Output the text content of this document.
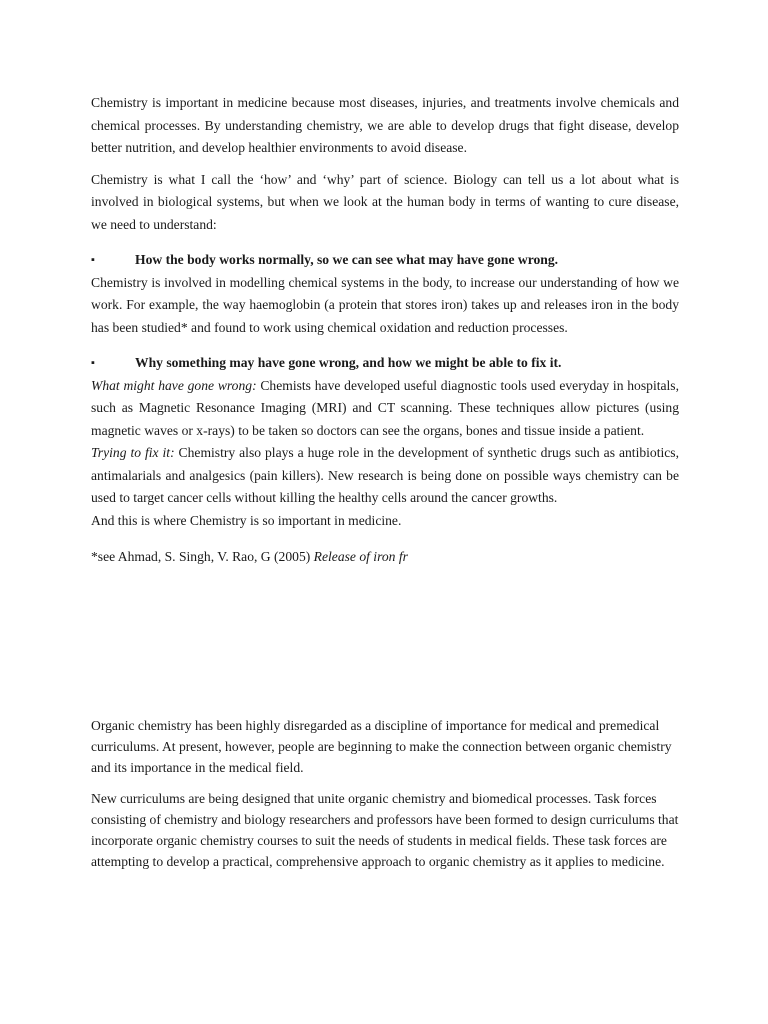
Chemistry is important in medicine because most diseases, injuries, and treatments involve chemicals and chemical processes. By understanding chemistry, we are able to develop drugs that fight disease, develop better nutrition, and develop healthier environments to avoid disease.

Chemistry is what I call the ‘how’ and ‘why’ part of science. Biology can tell us a lot about what is involved in biological systems, but when we look at the human body in terms of wanting to cure disease, we need to understand:

▪	How the body works normally, so we can see what may have gone wrong.

Chemistry is involved in modelling chemical systems in the body, to increase our understanding of how we work. For example, the way haemoglobin (a protein that stores iron) takes up and releases iron in the body has been studied* and found to work using chemical oxidation and reduction processes.

▪	Why something may have gone wrong, and how we might be able to fix it.

What might have gone wrong: Chemists have developed useful diagnostic tools used everyday in hospitals, such as Magnetic Resonance Imaging (MRI) and CT scanning. These techniques allow pictures (using magnetic waves or x-rays) to be taken so doctors can see the organs, bones and tissue inside a patient.

Trying to fix it: Chemistry also plays a huge role in the development of synthetic drugs such as antibiotics, antimalarials and analgesics (pain killers). New research is being done on possible ways chemistry can be used to target cancer cells without killing the healthy cells around the cancer growths.

And this is where Chemistry is so important in medicine.

*see Ahmad, S. Singh, V. Rao, G (2005) Release of iron fr

Organic chemistry has been highly disregarded as a discipline of importance for medical and premedical curriculums. At present, however, people are beginning to make the connection between organic chemistry and its importance in the medical field.

New curriculums are being designed that unite organic chemistry and biomedical processes. Task forces consisting of chemistry and biology researchers and professors have been formed to design curriculums that incorporate organic chemistry courses to suit the needs of students in medical fields. These task forces are attempting to develop a practical, comprehensive approach to organic chemistry as it applies to medicine.
